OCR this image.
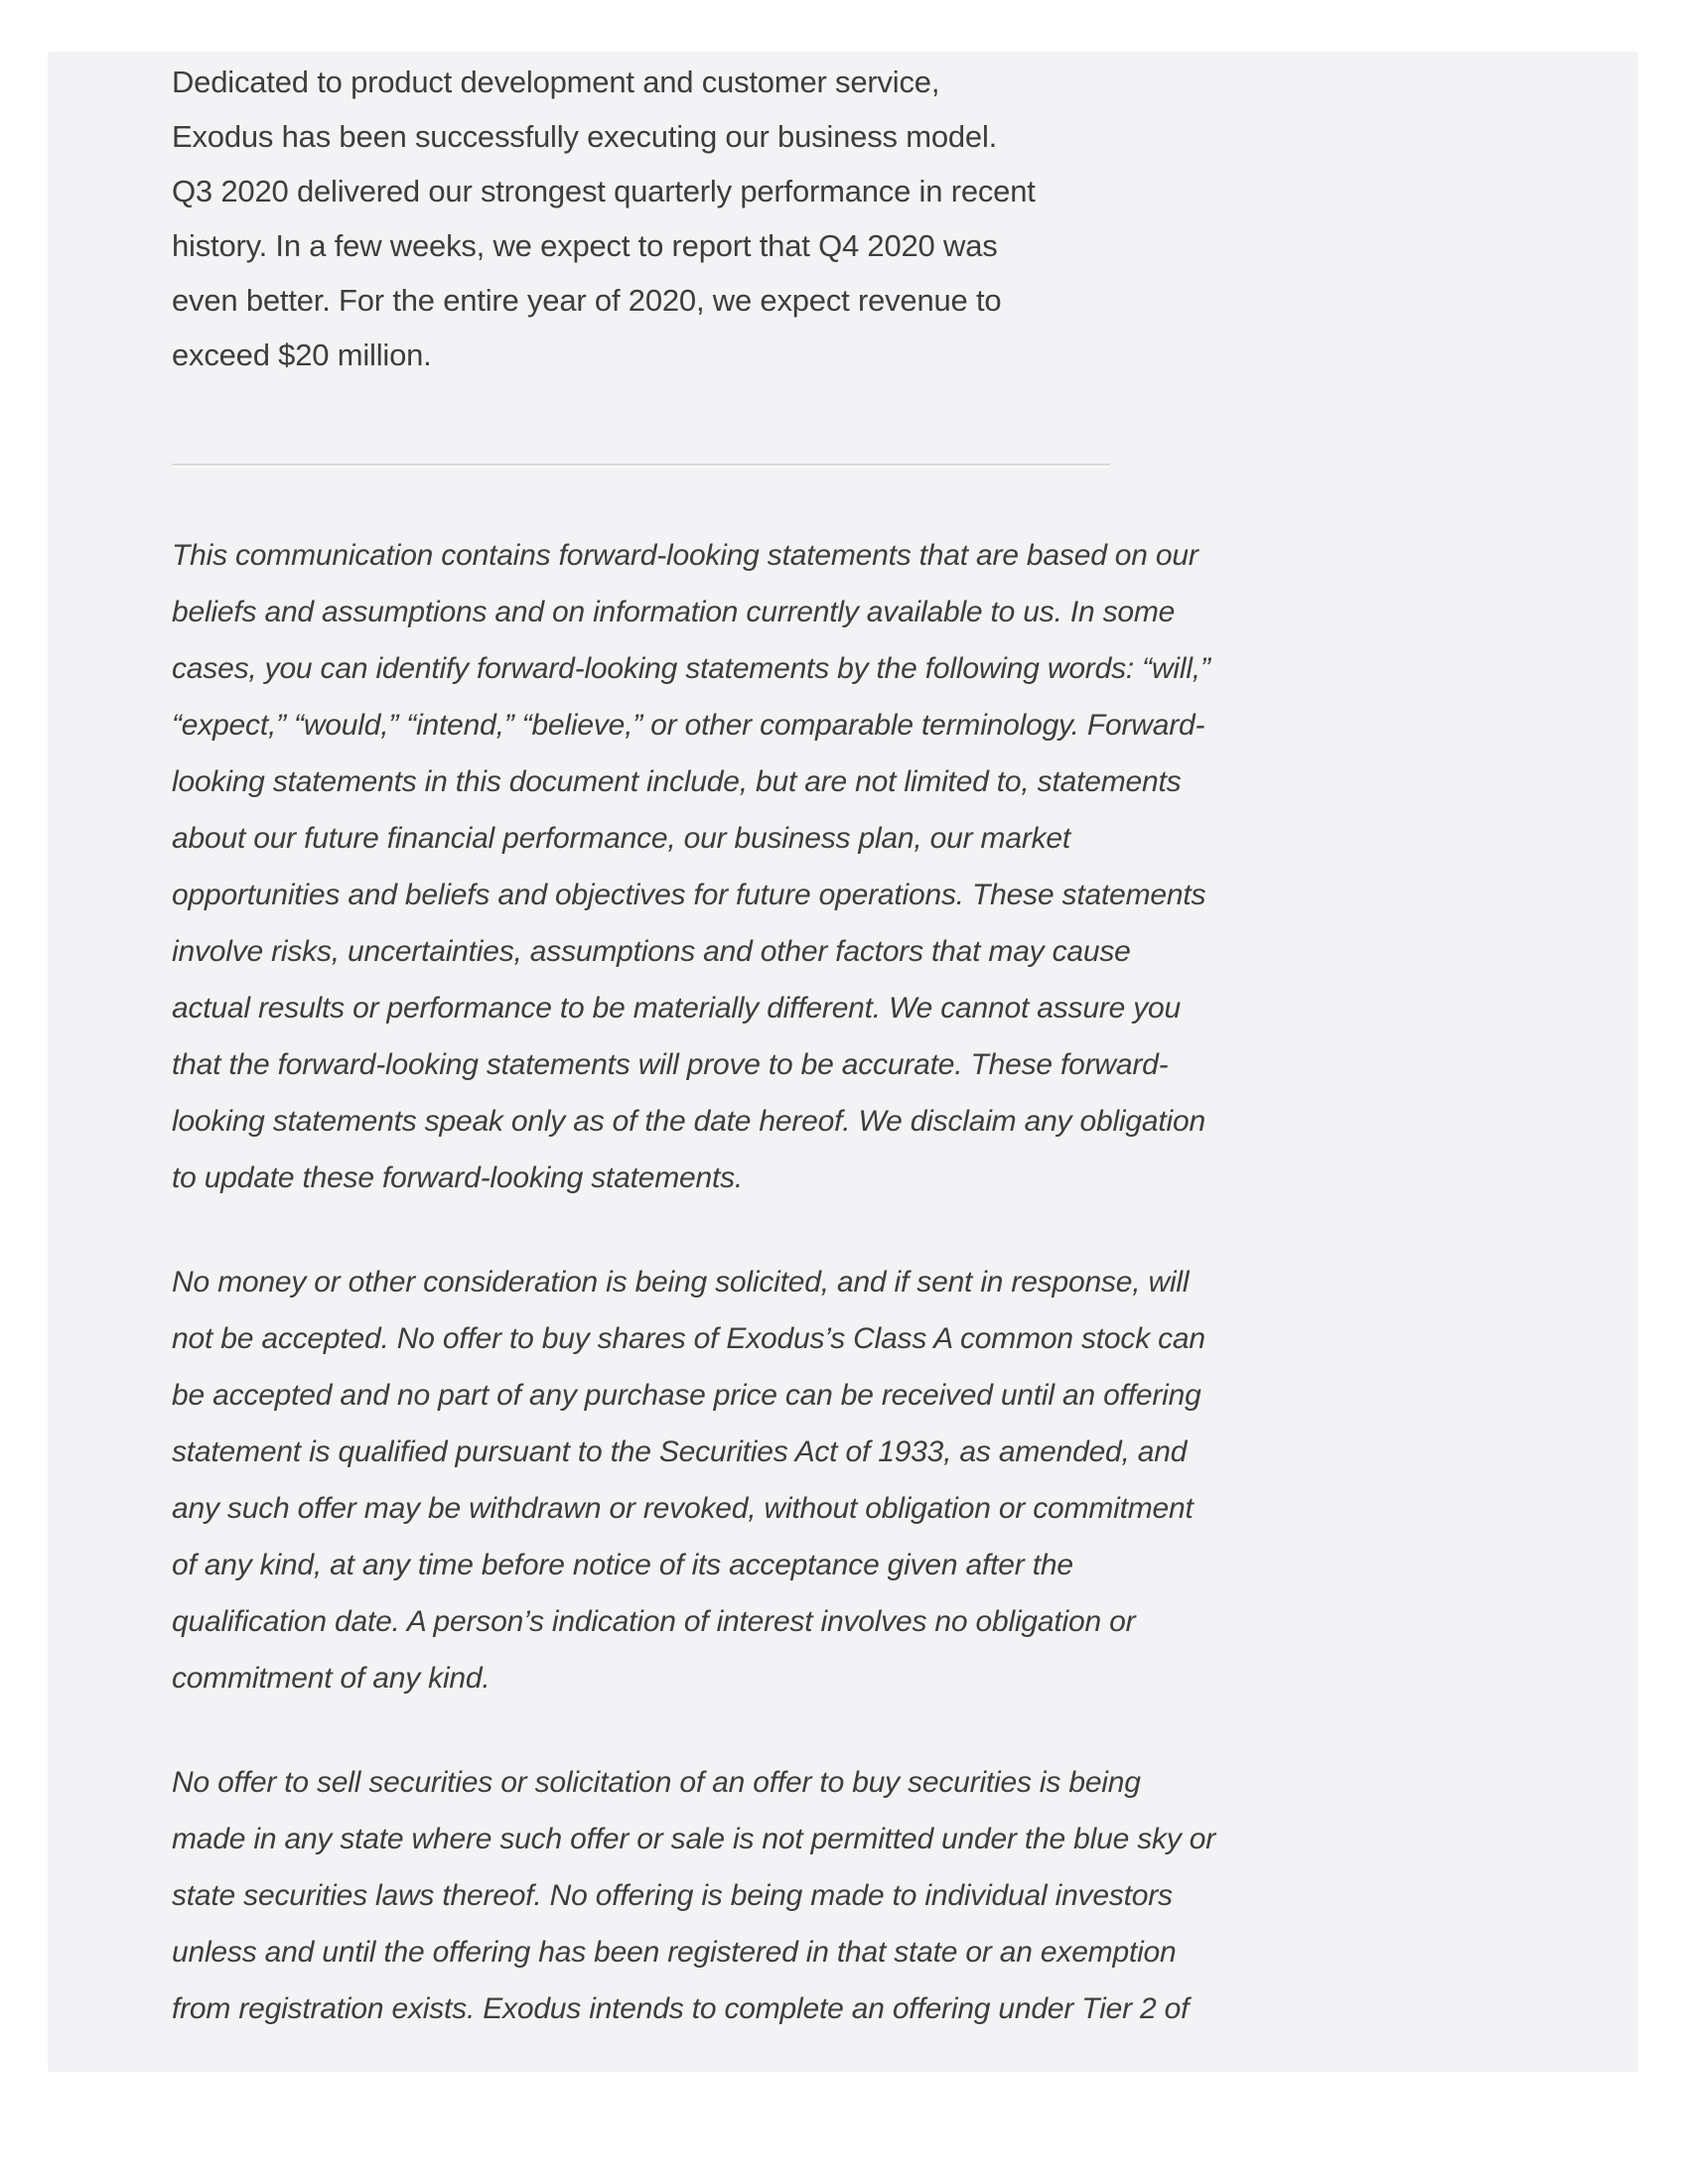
Dedicated to product development and customer service,
Exodus has been successfully executing our business model.
Q3 2020 delivered our strongest quarterly performance in recent
history. In a few weeks, we expect to report that Q4 2020 was
even better. For the entire year of 2020, we expect revenue to
exceed $20 million.

This communication contains forward-looking statements that are based on our
beliefs and assumptions and on information currently available to us. In some
cases, you can identify forward-looking statements by the following words: “will,”
“expect,” “would,” “intend,” “believe,” or other comparable terminology. Forward-
looking statements in this document include, but are not limited to, statements
about our future financial performance, our business plan, our market
opportunities and beliefs and objectives for future operations. These statements
involve risks, uncertainties, assumptions and other factors that may cause
actual results or performance to be materially different. We cannot assure you
that the forward-looking statements will prove to be accurate. These forward-
looking statements speak only as of the date hereof. We disclaim any obligation
to update these forward-looking statements.

No money or other consideration is being solicited, and if sent in response, will
not be accepted. No offer to buy shares of Exodus’s Class A common stock can
be accepted and no part of any purchase price can be received until an offering
statement is qualified pursuant to the Securities Act of 1933, as amended, and
any such offer may be withdrawn or revoked, without obligation or commitment
of any kind, at any time before notice of its acceptance given after the
qualification date. A person’s indication of interest involves no obligation or
commitment of any kind.

No offer to sell securities or solicitation of an offer to buy securities is being
made in any state where such offer or sale is not permitted under the blue sky or
state securities laws thereof. No offering is being made to individual investors
unless and until the offering has been registered in that state or an exemption
from registration exists. Exodus intends to complete an offering under Tier 2 of
